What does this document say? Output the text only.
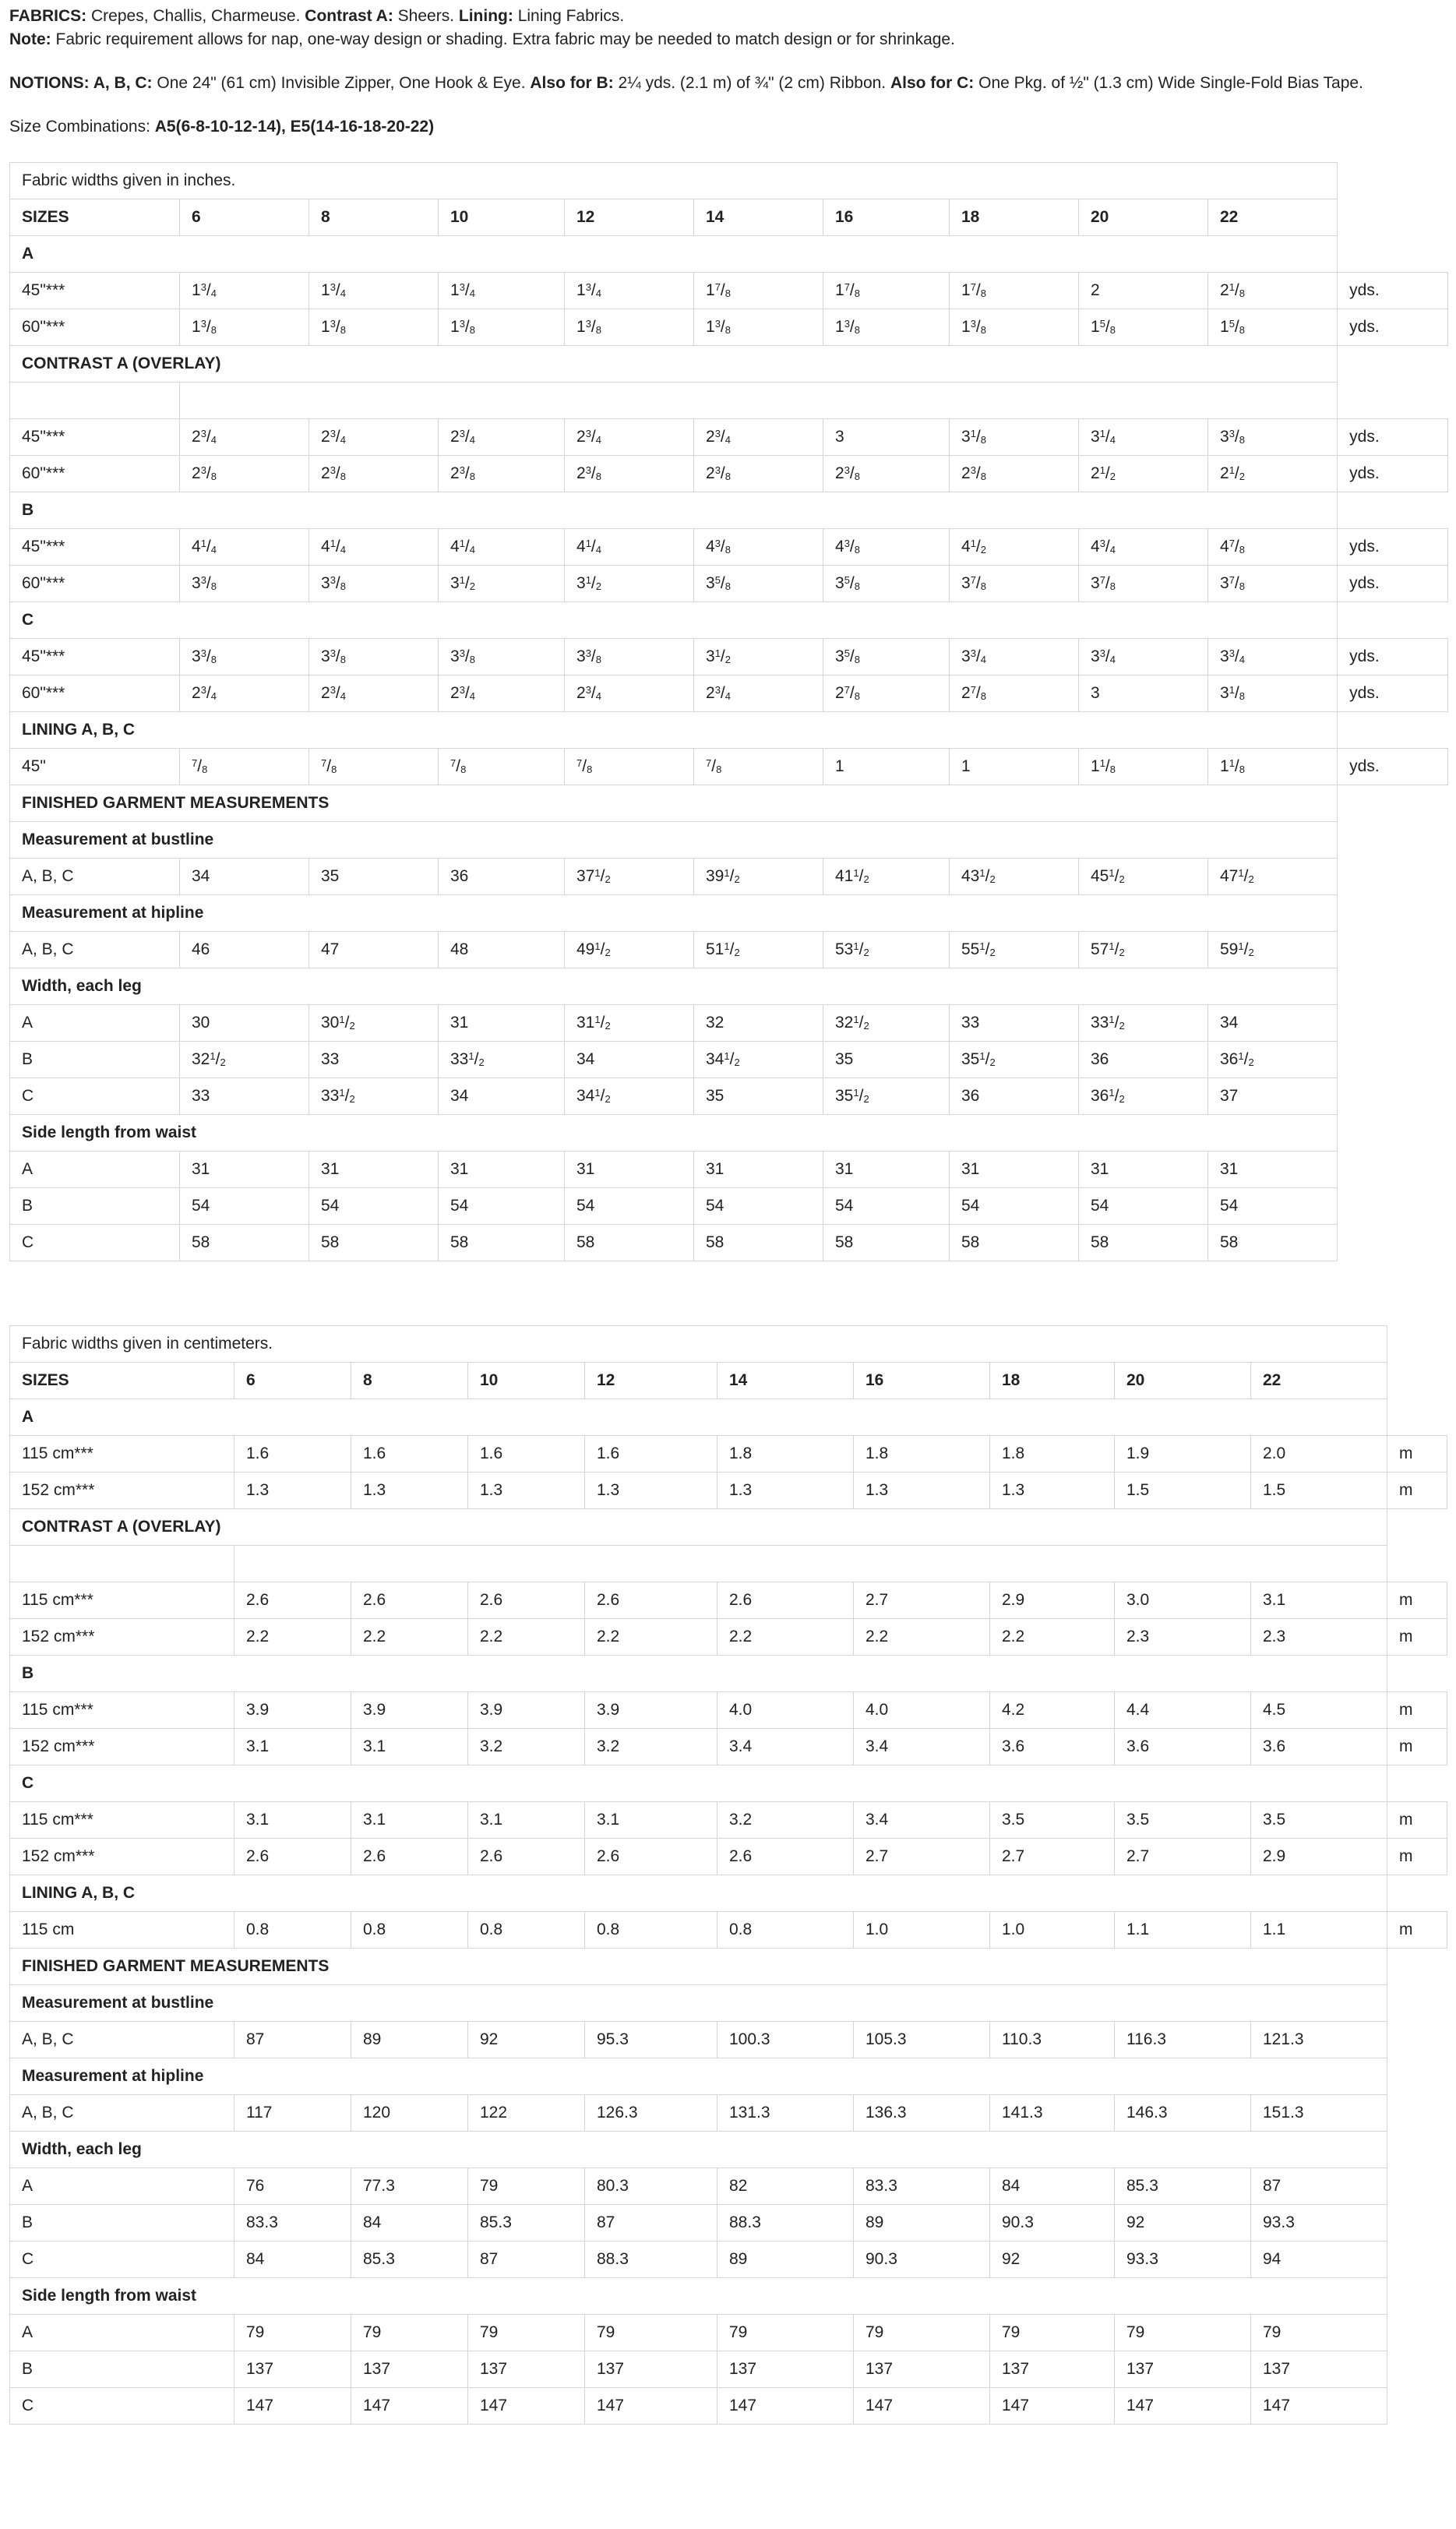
FABRICS: Crepes, Challis, Charmeuse. Contrast A: Sheers. Lining: Lining Fabrics.

Note: Fabric requirement allows for nap, one-way design or shading. Extra fabric may be needed to match design or for shrinkage.

NOTIONS: A, B, C: One 24" (61 cm) Invisible Zipper, One Hook & Eye. Also for B: 2¼ yds. (2.1 m) of ¾" (2 cm) Ribbon. Also for C: One Pkg. of ½" (1.3 cm) Wide Single-Fold Bias Tape.

Size Combinations: A5(6-8-10-12-14), E5(14-16-18-20-22)

Fabric widths given in inches.										
SIZES	6	8	10	12	14	16	18	20	22	
A										
45"***	$1^3/_4$	$1^3/_4$	$1^3/_4$	$1^3/_4$	$1^7/_8$	$1^7/_8$	$1^7/_8$	2	$2^1/_8$	yds.
60"***	$1^3/_8$	$1^3/_8$	$1^3/_8$	$1^3/_8$	$1^3/_8$	$1^3/_8$	$1^3/_8$	$1^5/_8$	$1^5/_8$	yds.
CONTRAST A (OVERLAY)										

45"***	$2^3/_4$	$2^3/_4$	$2^3/_4$	$2^3/_4$	$2^3/_4$	3	$3^1/_8$	$3^1/_4$	$3^3/_8$	yds.
60"***	$2^3/_8$	$2^3/_8$	$2^3/_8$	$2^3/_8$	$2^3/_8$	$2^3/_8$	$2^3/_8$	$2^1/_2$	$2^1/_2$	yds.
B										
45"***	$4^1/_4$	$4^1/_4$	$4^1/_4$	$4^1/_4$	$4^3/_8$	$4^3/_8$	$4^1/_2$	$4^3/_4$	$4^7/_8$	yds.
60"***	$3^3/_8$	$3^3/_8$	$3^1/_2$	$3^1/_2$	$3^5/_8$	$3^5/_8$	$3^7/_8$	$3^7/_8$	$3^7/_8$	yds.
C										
45"***	$3^3/_8$	$3^3/_8$	$3^3/_8$	$3^3/_8$	$3^1/_2$	$3^5/_8$	$3^3/_4$	$3^3/_4$	$3^3/_4$	yds.
60"***	$2^3/_4$	$2^3/_4$	$2^3/_4$	$2^3/_4$	$2^3/_4$	$2^7/_8$	$2^7/_8$	3	$3^1/_8$	yds.
LINING A, B, C										
45"	$^7/_8$	$^7/_8$	$^7/_8$	$^7/_8$	$^7/_8$	1	1	$1^1/_8$	$1^1/_8$	yds.
FINISHED GARMENT MEASUREMENTS										
Measurement at bustline										
A, B, C	34	35	36	$37^1/_2$	$39^1/_2$	$41^1/_2$	$43^1/_2$	$45^1/_2$	$47^1/_2$	
Measurement at hipline										
A, B, C	46	47	48	$49^1/_2$	$51^1/_2$	$53^1/_2$	$55^1/_2$	$57^1/_2$	$59^1/_2$	
Width, each leg										
A	30	$30^1/_2$	31	$31^1/_2$	32	$32^1/_2$	33	$33^1/_2$	34	
B	$32^1/_2$	33	$33^1/_2$	34	$34^1/_2$	35	$35^1/_2$	36	$36^1/_2$	
C	33	$33^1/_2$	34	$34^1/_2$	35	$35^1/_2$	36	$36^1/_2$	37	
Side length from waist										
A	31	31	31	31	31	31	31	31	31	
B	54	54	54	54	54	54	54	54	54	
C	58	58	58	58	58	58	58	58	58	
Fabric widths given in centimeters.										
SIZES	6	8	10	12	14	16	18	20	22	
A										
115 cm***	1.6	1.6	1.6	1.6	1.8	1.8	1.8	1.9	2.0	m
152 cm***	1.3	1.3	1.3	1.3	1.3	1.3	1.3	1.5	1.5	m
CONTRAST A (OVERLAY)										

115 cm***	2.6	2.6	2.6	2.6	2.6	2.7	2.9	3.0	3.1	m
152 cm***	2.2	2.2	2.2	2.2	2.2	2.2	2.2	2.3	2.3	m
B										
115 cm***	3.9	3.9	3.9	3.9	4.0	4.0	4.2	4.4	4.5	m
152 cm***	3.1	3.1	3.2	3.2	3.4	3.4	3.6	3.6	3.6	m
C										
115 cm***	3.1	3.1	3.1	3.1	3.2	3.4	3.5	3.5	3.5	m
152 cm***	2.6	2.6	2.6	2.6	2.6	2.7	2.7	2.7	2.9	m
LINING A, B, C										
115 cm	0.8	0.8	0.8	0.8	0.8	1.0	1.0	1.1	1.1	m
FINISHED GARMENT MEASUREMENTS										
Measurement at bustline										
A, B, C	87	89	92	95.3	100.3	105.3	110.3	116.3	121.3	
Measurement at hipline										
A, B, C	117	120	122	126.3	131.3	136.3	141.3	146.3	151.3	
Width, each leg										
A	76	77.3	79	80.3	82	83.3	84	85.3	87	
B	83.3	84	85.3	87	88.3	89	90.3	92	93.3	
C	84	85.3	87	88.3	89	90.3	92	93.3	94	
Side length from waist										
A	79	79	79	79	79	79	79	79	79	
B	137	137	137	137	137	137	137	137	137	
C	147	147	147	147	147	147	147	147	147	
